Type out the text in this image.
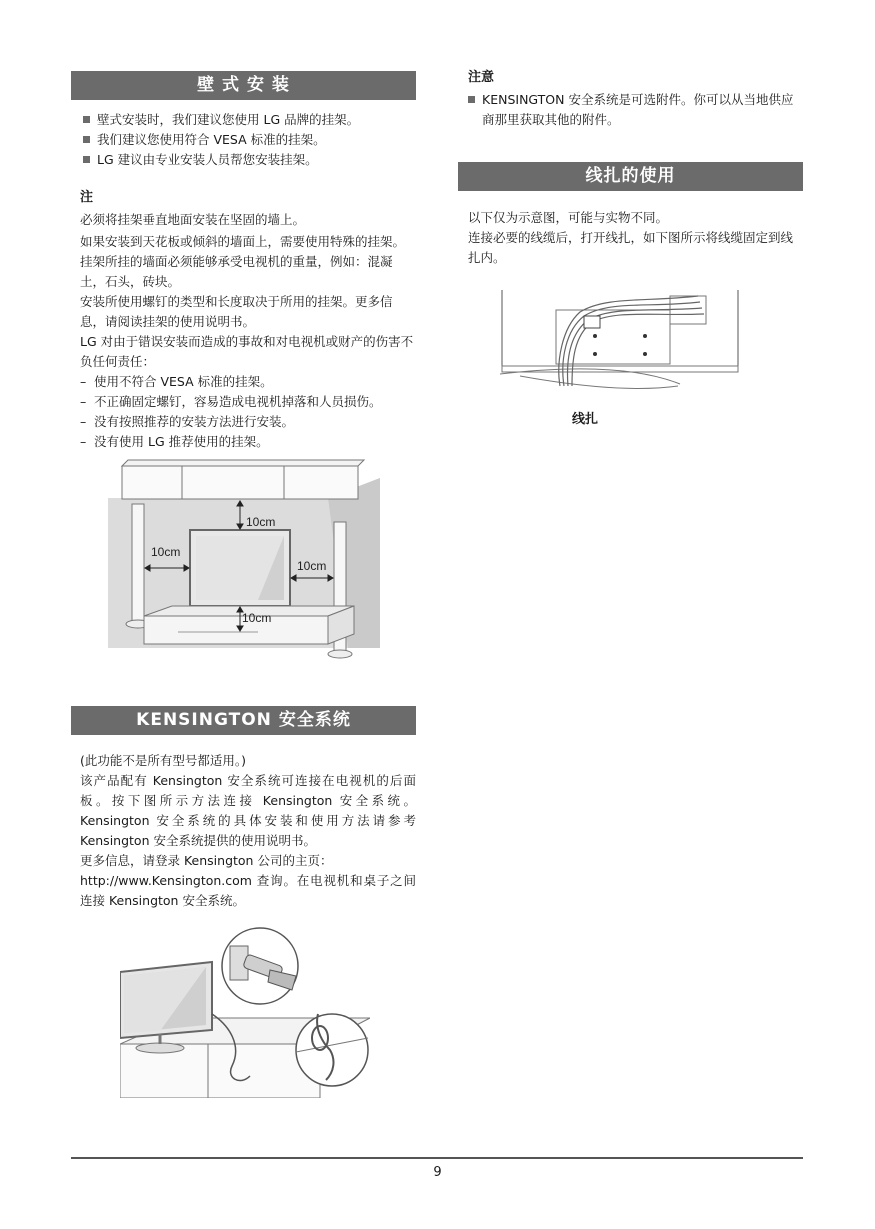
壁 式 安 装
壁式安装时，我们建议您使用 LG 品牌的挂架。
我们建议您使用符合 VESA 标准的挂架。
LG 建议由专业安装人员帮您安装挂架。
注

必须将挂架垂直地面安装在坚固的墙上。

如果安装到天花板或倾斜的墙面上，需要使用特殊的挂架。挂架所挂的墙面必须能够承受电视机的重量，例如：混凝土，石头，砖块。

安装所使用螺钉的类型和长度取决于所用的挂架。更多信息，请阅读挂架的使用说明书。

LG 对由于错误安装而造成的事故和对电视机或财产的伤害不负任何责任：

– 使用不符合 VESA 标准的挂架。
– 不正确固定螺钉，容易造成电视机掉落和人员损伤。
– 没有按照推荐的安装方法进行安装。
– 没有使用 LG 推荐使用的挂架。
10cm
10cm
10cm
10cm
KENSINGTON 安全系统

(此功能不是所有型号都适用。)

该产品配有 Kensington 安全系统可连接在电视机的后面板。按下图所示方法连接 Kensington 安全系统。Kensington 安全系统的具体安装和使用方法请参考 Kensington 安全系统提供的使用说明书。

更多信息，请登录 Kensington 公司的主页：

http://www.Kensington.com 查询。在电视机和桌子之间连接 Kensington 安全系统。

注意
KENSINGTON 安全系统是可选附件。你可以从当地供应商那里获取其他的附件。
线扎的使用

以下仅为示意图，可能与实物不同。

连接必要的线缆后，打开线扎，如下图所示将线缆固定到线扎内。

线扎
9
